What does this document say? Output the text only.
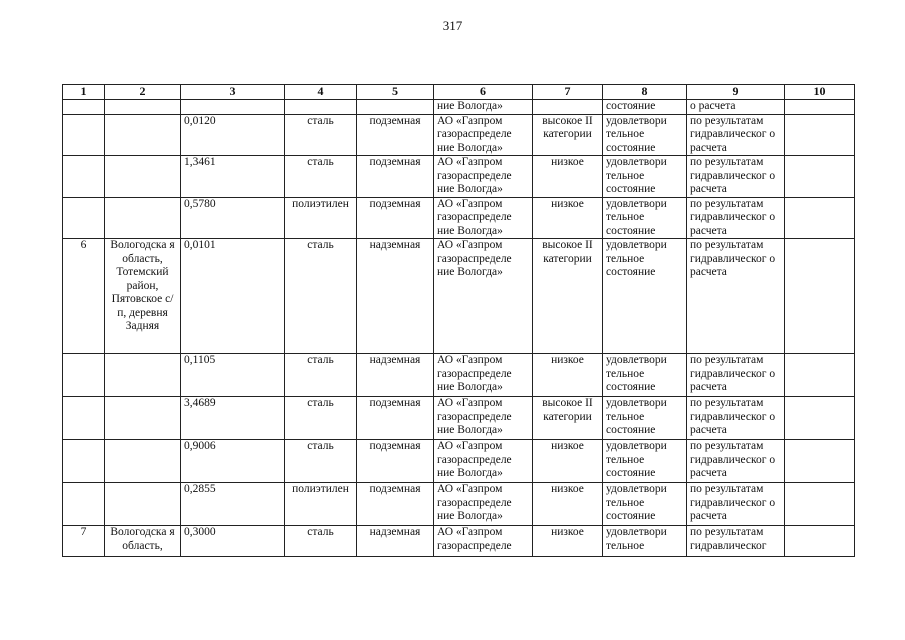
317
1	2	3	4	5	6	7	8	9	10
					ние Вологда»		состояние	о расчета	
		0,0120	сталь	подземная	АО «Газпром газораспределе ние Вологда»	высокое II категории	удовлетвори тельное состояние	по результатам гидравлическог о расчета	
		1,3461	сталь	подземная	АО «Газпром газораспределе ние Вологда»	низкое	удовлетвори тельное состояние	по результатам гидравлическог о расчета	
		0,5780	полиэтилен	подземная	АО «Газпром газораспределе ние Вологда»	низкое	удовлетвори тельное состояние	по результатам гидравлическог о расчета	
6	Вологодска я область, Тотемский район, Пятовское с/п, деревня Задняя	0,0101	сталь	надземная	АО «Газпром газораспределе ние Вологда»	высокое II категории	удовлетвори тельное состояние	по результатам гидравлическог о расчета	
		0,1105	сталь	надземная	АО «Газпром газораспределе ние Вологда»	низкое	удовлетвори тельное состояние	по результатам гидравлическог о расчета	
		3,4689	сталь	подземная	АО «Газпром газораспределе ние Вологда»	высокое II категории	удовлетвори тельное состояние	по результатам гидравлическог о расчета	
		0,9006	сталь	подземная	АО «Газпром газораспределе ние Вологда»	низкое	удовлетвори тельное состояние	по результатам гидравлическог о расчета	
		0,2855	полиэтилен	подземная	АО «Газпром газораспределе ние Вологда»	низкое	удовлетвори тельное состояние	по результатам гидравлическог о расчета	
7	Вологодска я область,	0,3000	сталь	надземная	АО «Газпром газораспределе	низкое	удовлетвори тельное	по результатам гидравлическог	
